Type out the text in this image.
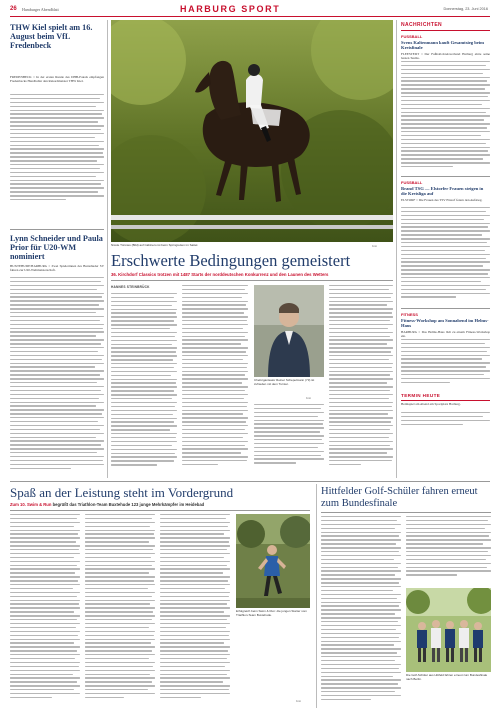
26 Hamburger Abendblatt	HARBURG SPORT	Donnerstag, 23. Juni 2016
THW Kiel spielt am 16. August beim VfL Fredenbeck
FREDENBECK :: In der ersten Runde des DHB-Pokals empfangen Fredenbecks Handballer den Rekordmeister THW Kiel.
Lynn Schneider und Paula Prior für U20-WM nominiert
BUXTEHUDE/HARBURG :: Zwei Spielerinnen des Buxtehuder SV fahren zur U20-Weltmeisterschaft.
Nicole Tönnies (Bild) auf Cabinero ist beim Springreiten im Sattel.	Foto
Erschwerte Bedingungen gemeistert
36. Kirchdorf Classics trotzen mit 1487 Starts der norddeutschen Konkurrenz und den Launen des Wetters
HANNES STEINBRÜCK
Cheforganisator Reiner Schepelmann (73) ist zufrieden mit dem Turnier.
Foto
NACHRICHTEN
FUSSBALL
Svens Kaltenmann kauft Gesamtsieg beim Kreisfinale
FLEESTEDT :: Der Fußball-Kreisverband Harburg ehrte seine besten Teams.
FUSSBALL
Brand TSG — Elstorfer Frauen steigen in die Kreisliga auf
ELSTORF :: Die Frauen des TSV Elstorf feiern den Aufstieg.
FITNESS
Fitness-Workshop am Sonnabend im Helms-Haus
HARBURG :: Das Helms-Haus lädt zu einem Fitness-Workshop ein.
TERMIN HEUTE
Heimspiel am Abend am Sportplatz Harburg.
Spaß an der Leistung steht im Vordergrund
Zum 10. Swim & Run begrüßt das Triathlon-Team Buxtehude 123 junge Mehrkämpfer im Heidebad
Erfolgreich beim Swim & Run: die jungen Starter vom Triathlon-Team Buxtehude.
Foto
Hittfelder Golf-Schüler fahren erneut zum Bundesfinale
Die Golf-Schüler aus Hittfeld fahren erneut zum Bundesfinale nach Berlin.
